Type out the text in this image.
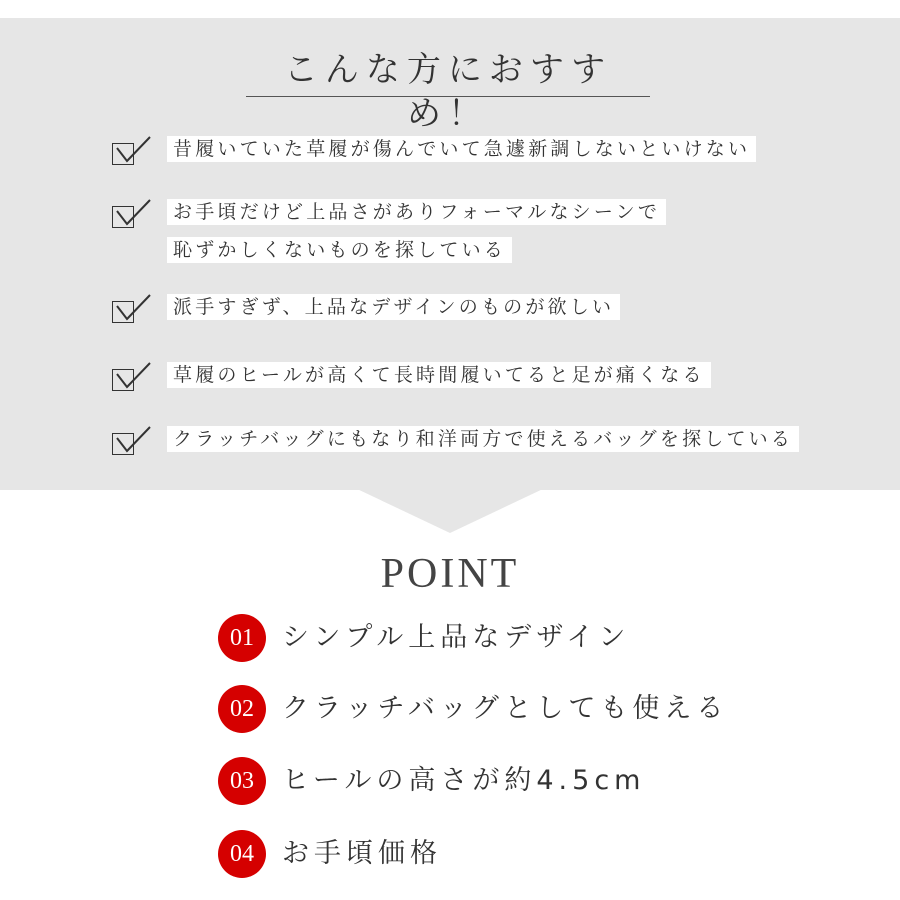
こんな方におすすめ！
昔履いていた草履が傷んでいて急遽新調しないといけない
お手頃だけど上品さがありフォーマルなシーンで
恥ずかしくないものを探している
派手すぎず、上品なデザインのものが欲しい
草履のヒールが高くて長時間履いてると足が痛くなる
クラッチバッグにもなり和洋両方で使えるバッグを探している
POINT
01	シンプル上品なデザイン
02	クラッチバッグとしても使える
03	ヒールの高さが約4.5cm
04	お手頃価格
